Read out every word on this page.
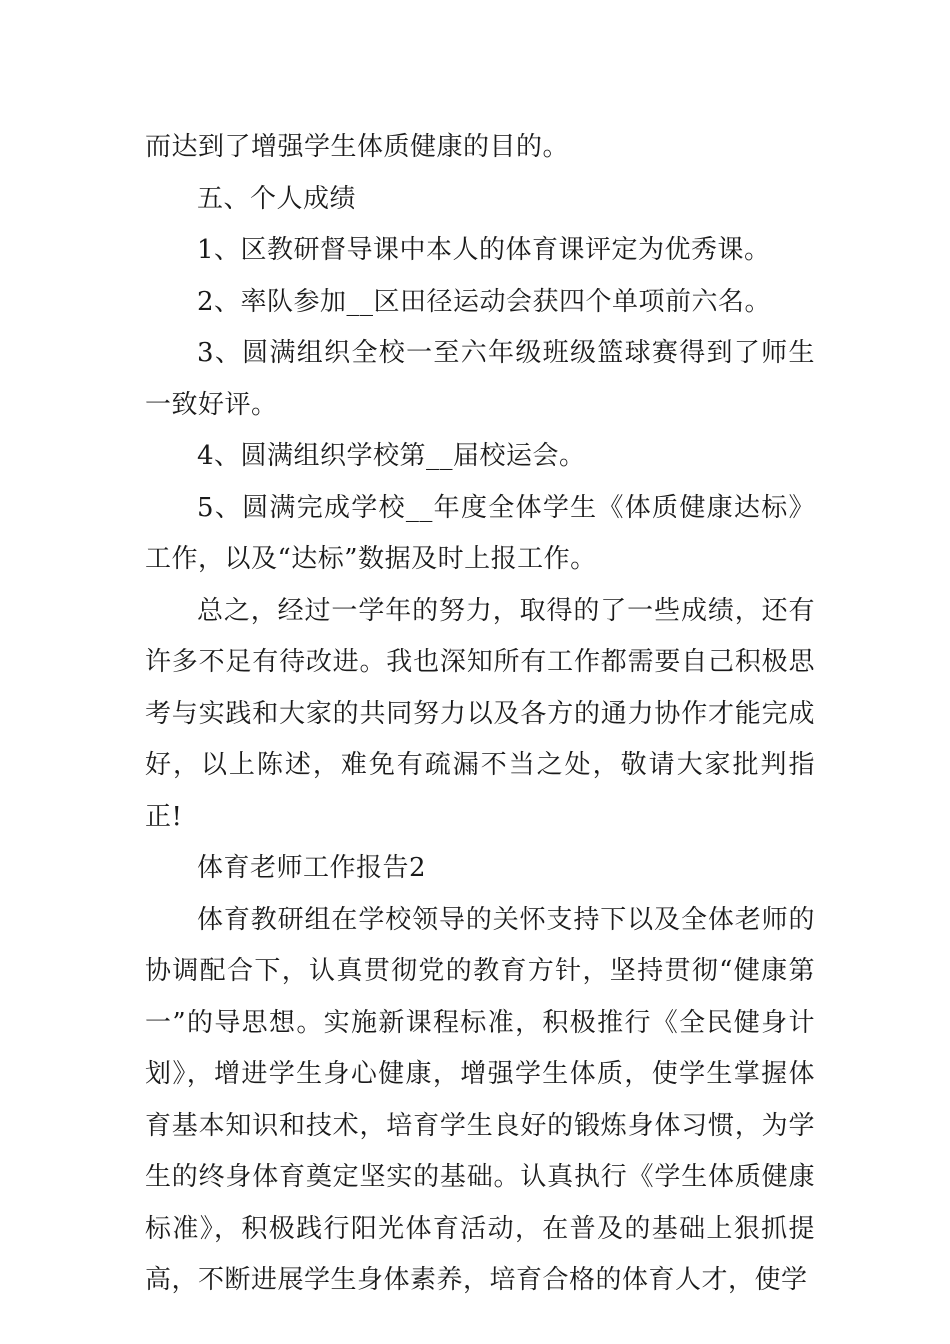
而达到了增强学生体质健康的目的。

五、个人成绩

1、区教研督导课中本人的体育课评定为优秀课。

2、率队参加__区田径运动会获四个单项前六名。

3、圆满组织全校一至六年级班级篮球赛得到了师生一致好评。

4、圆满组织学校第__届校运会。

5、圆满完成学校__年度全体学生《体质健康达标》工作，以及“达标”数据及时上报工作。

总之，经过一学年的努力，取得的了一些成绩，还有许多不足有待改进。我也深知所有工作都需要自己积极思考与实践和大家的共同努力以及各方的通力协作才能完成好，以上陈述，难免有疏漏不当之处，敬请大家批判指正!

体育老师工作报告2

体育教研组在学校领导的关怀支持下以及全体老师的协调配合下，认真贯彻党的教育方针，坚持贯彻“健康第一”的导思想。实施新课程标准，积极推行《全民健身计划》，增进学生身心健康，增强学生体质，使学生掌握体育基本知识和技术，培育学生良好的锻炼身体习惯，为学生的终身体育奠定坚实的基础。认真执行《学生体质健康标准》，积极践行阳光体育活动，在普及的基础上狠抓提高，不断进展学生身体素养，培育合格的体育人才，使学
